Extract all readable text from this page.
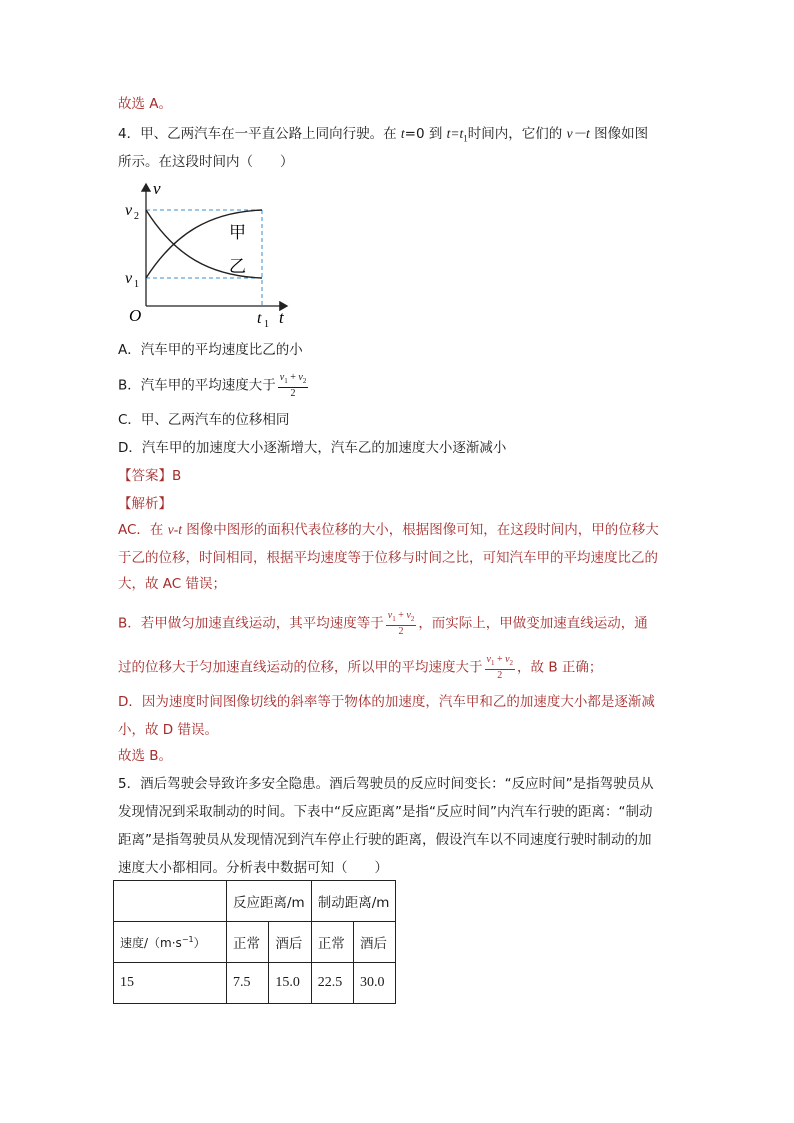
故选 A。
4．甲、乙两汽车在一平直公路上同向行驶。在 t=0 到 $t=t_1$时间内，它们的 v－t 图像如图
所示。在这段时间内（　　）
v
t
O
v 2
v 1
t 1
甲
乙
A．汽车甲的平均速度比乙的小
B．汽车甲的平均速度大于 $\frac{v_1 + v_2}{2}$
C．甲、乙两汽车的位移相同
D．汽车甲的加速度大小逐渐增大，汽车乙的加速度大小逐渐减小
【答案】B
【解析】
AC．在 v-t 图像中图形的面积代表位移的大小，根据图像可知，在这段时间内，甲的位移大
于乙的位移，时间相同，根据平均速度等于位移与时间之比，可知汽车甲的平均速度比乙的
大，故 AC 错误；
B．若甲做匀加速直线运动，其平均速度等于 $\frac{v_1 + v_2}{2}$ ，而实际上，甲做变加速直线运动，通
过的位移大于匀加速直线运动的位移，所以甲的平均速度大于 $\frac{v_1 + v_2}{2}$ ，故 B 正确；
D．因为速度时间图像切线的斜率等于物体的加速度，汽车甲和乙的加速度大小都是逐渐减
小，故 D 错误。
故选 B。
5．酒后驾驶会导致许多安全隐患。酒后驾驶员的反应时间变长：“反应时间”是指驾驶员从
发现情况到采取制动的时间。下表中“反应距离”是指“反应时间”内汽车行驶的距离：“制动
距离”是指驾驶员从发现情况到汽车停止行驶的距离，假设汽车以不同速度行驶时制动的加
速度大小都相同。分析表中数据可知（　　）
	反应距离/m		制动距离/m	
速度$/(m\cdot s^{-1})$	正常	酒后	正常	酒后
15	7.5	15.0	22.5	30.0
